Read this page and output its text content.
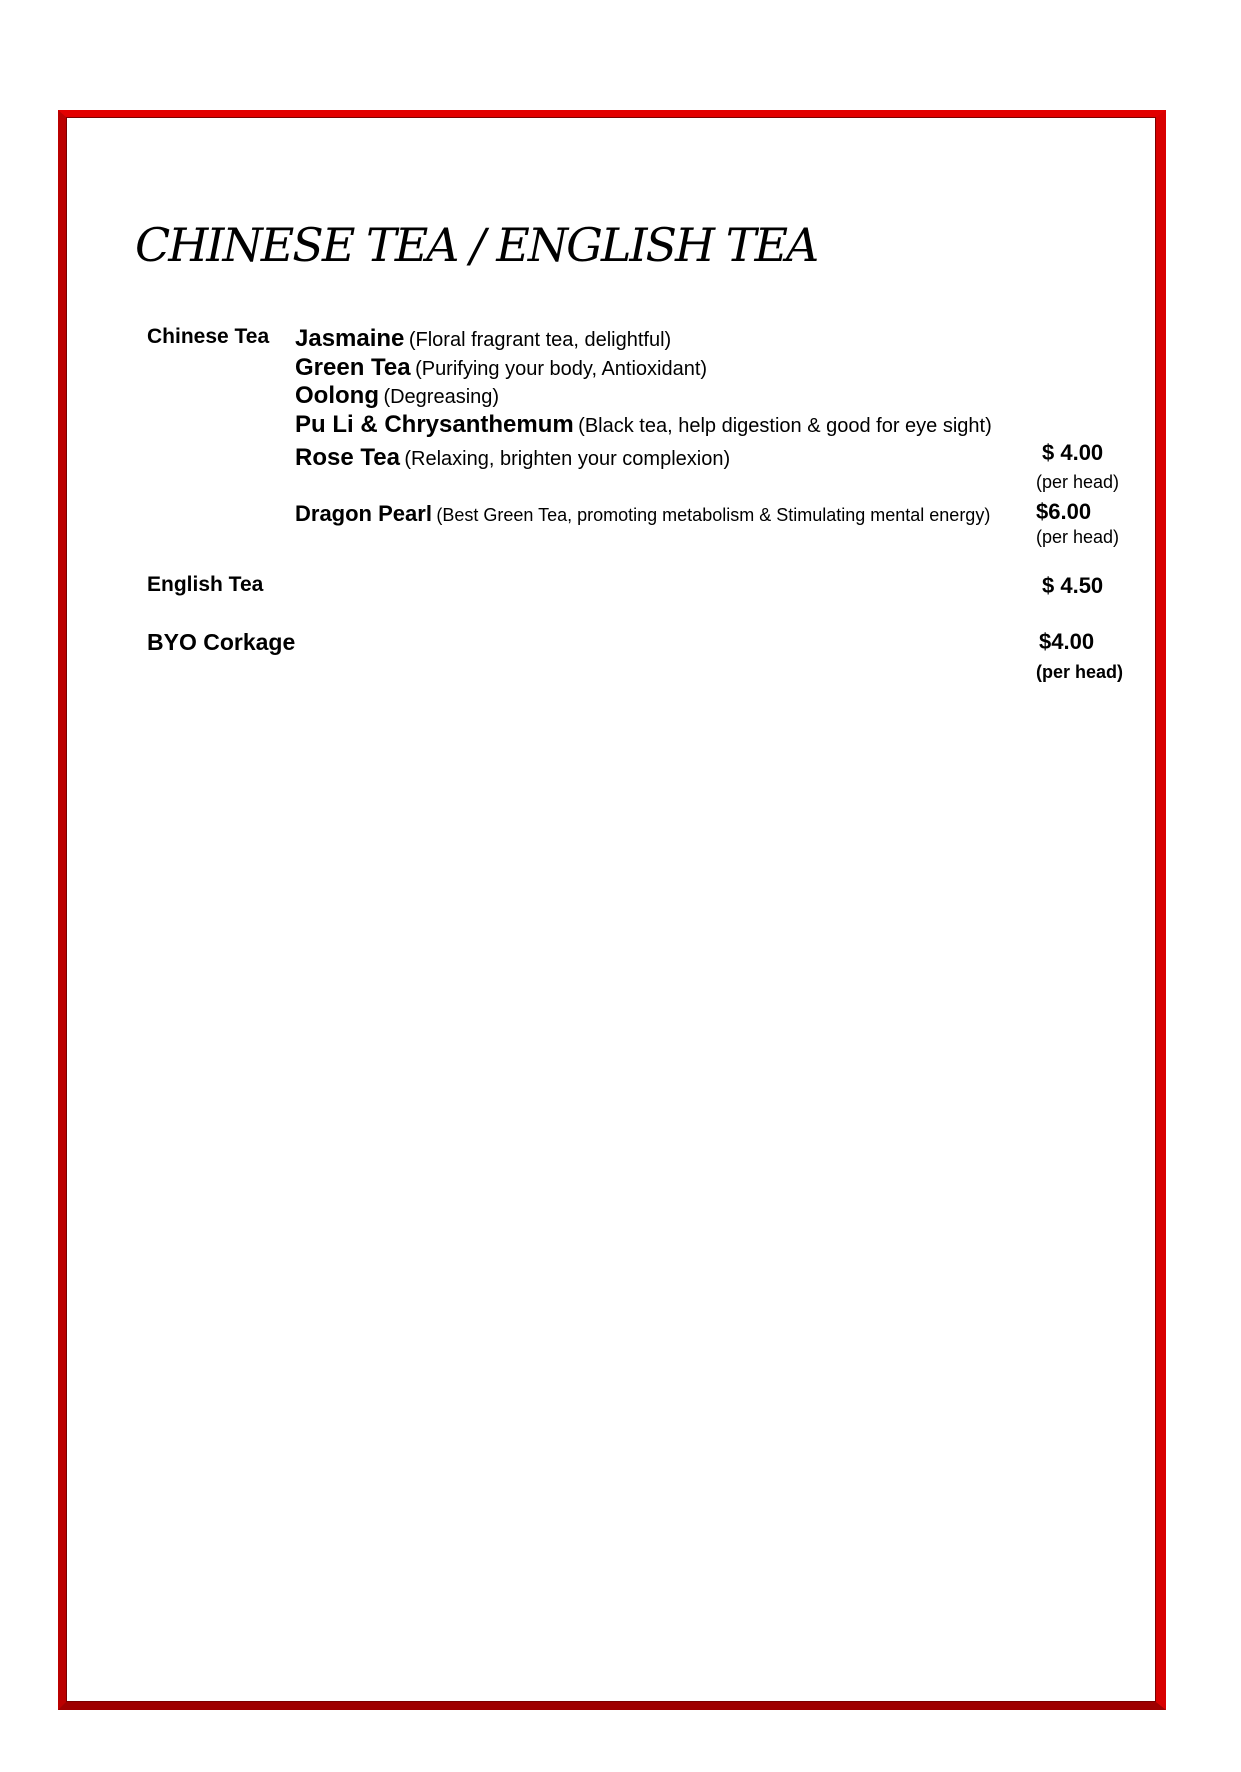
CHINESE TEA / ENGLISH TEA
Chinese Tea Jasmaine (Floral fragrant tea, delightful)
Green Tea (Purifying your body, Antioxidant)
Oolong (Degreasing)
Pu Li & Chrysanthemum (Black tea, help digestion & good for eye sight)
Rose Tea (Relaxing, brighten your complexion)
Dragon Pearl (Best Green Tea, promoting metabolism & Stimulating mental energy)
$ 4.00
(per head)
$6.00
(per head)
English Tea	$ 4.50
BYO Corkage	$4.00
(per head)
